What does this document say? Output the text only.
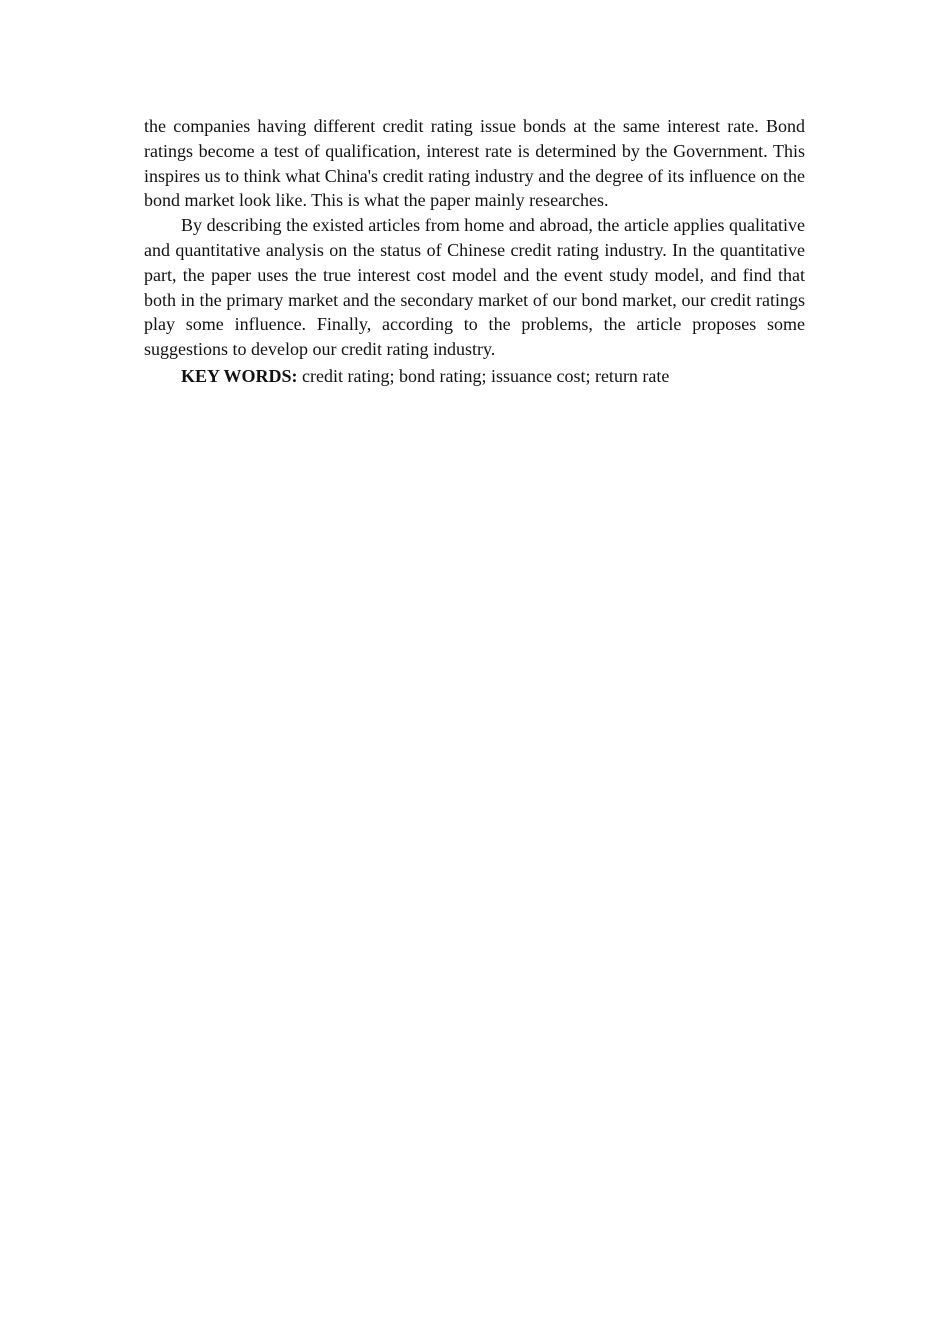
the companies having different credit rating issue bonds at the same interest rate. Bond ratings become a test of qualification, interest rate is determined by the Government. This inspires us to think what China's credit rating industry and the degree of its influence on the bond market look like. This is what the paper mainly researches.

By describing the existed articles from home and abroad, the article applies qualitative and quantitative analysis on the status of Chinese credit rating industry. In the quantitative part, the paper uses the true interest cost model and the event study model, and find that both in the primary market and the secondary market of our bond market, our credit ratings play some influence. Finally, according to the problems, the article proposes some suggestions to develop our credit rating industry.

KEY WORDS: credit rating; bond rating; issuance cost; return rate
